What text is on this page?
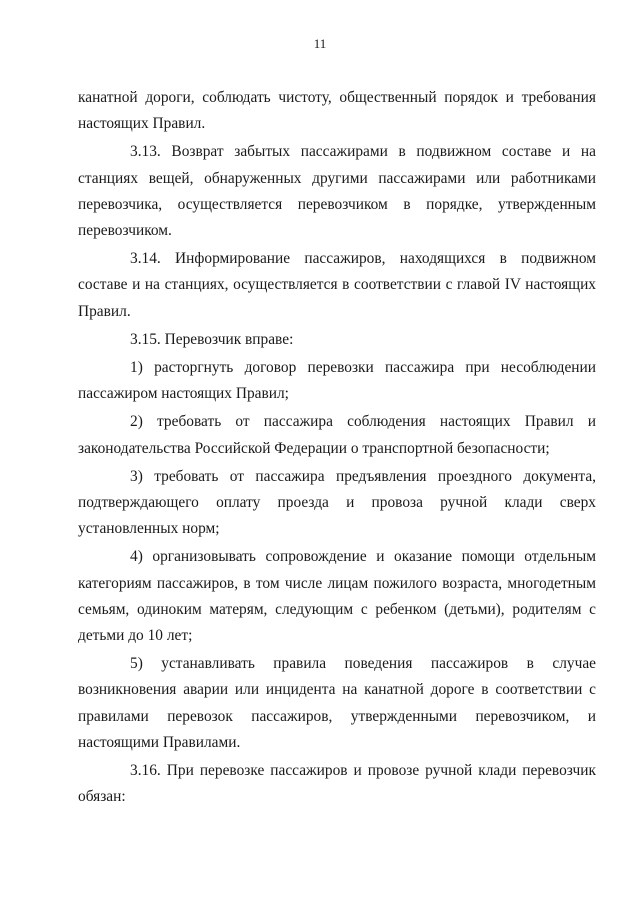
11

канатной дороги, соблюдать чистоту, общественный порядок и требования настоящих Правил.

3.13. Возврат забытых пассажирами в подвижном составе и на станциях вещей, обнаруженных другими пассажирами или работниками перевозчика, осуществляется перевозчиком в порядке, утвержденным перевозчиком.

3.14. Информирование пассажиров, находящихся в подвижном составе и на станциях, осуществляется в соответствии с главой IV настоящих Правил.

3.15. Перевозчик вправе:

1) расторгнуть договор перевозки пассажира при несоблюдении пассажиром настоящих Правил;

2) требовать от пассажира соблюдения настоящих Правил и законодательства Российской Федерации о транспортной безопасности;

3) требовать от пассажира предъявления проездного документа, подтверждающего оплату проезда и провоза ручной клади сверх установленных норм;

4) организовывать сопровождение и оказание помощи отдельным категориям пассажиров, в том числе лицам пожилого возраста, многодетным семьям, одиноким матерям, следующим с ребенком (детьми), родителям с детьми до 10 лет;

5) устанавливать правила поведения пассажиров в случае возникновения аварии или инцидента на канатной дороге в соответствии с правилами перевозок пассажиров, утвержденными перевозчиком, и настоящими Правилами.

3.16. При перевозке пассажиров и провозе ручной клади перевозчик обязан:
